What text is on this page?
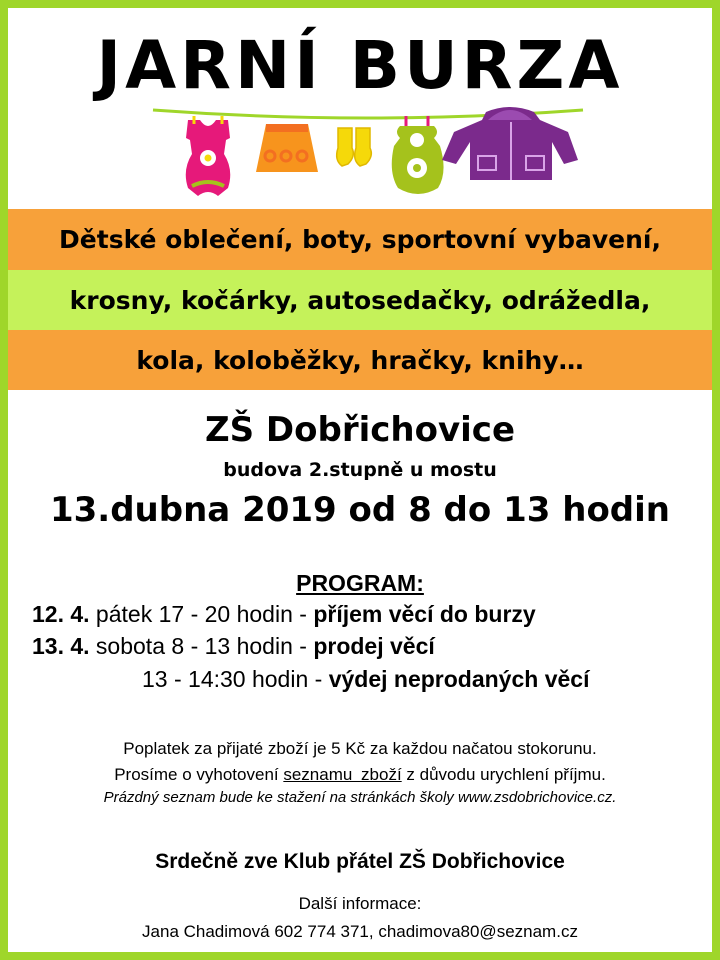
JARNÍ BURZA
Dětské oblečení, boty, sportovní vybavení,
krosny, kočárky, autosedačky, odrážedla,
kola, koloběžky, hračky, knihy…
ZŠ Dobřichovice
budova 2.stupně u mostu
13.dubna 2019 od 8 do 13 hodin
PROGRAM:
12. 4. pátek 17 - 20 hodin - příjem věcí do burzy
13. 4. sobota 8 - 13 hodin - prodej věcí
13 - 14:30 hodin - výdej neprodaných věcí
Poplatek za přijaté zboží je 5 Kč za každou načatou stokorunu.
Prosíme o vyhotovení seznamu zboží z důvodu urychlení příjmu.
Prázdný seznam bude ke stažení na stránkách školy www.zsdobrichovice.cz.
Srdečně zve Klub přátel ZŠ Dobřichovice
Další informace:
Jana Chadimová 602 774 371, chadimova80@seznam.cz
